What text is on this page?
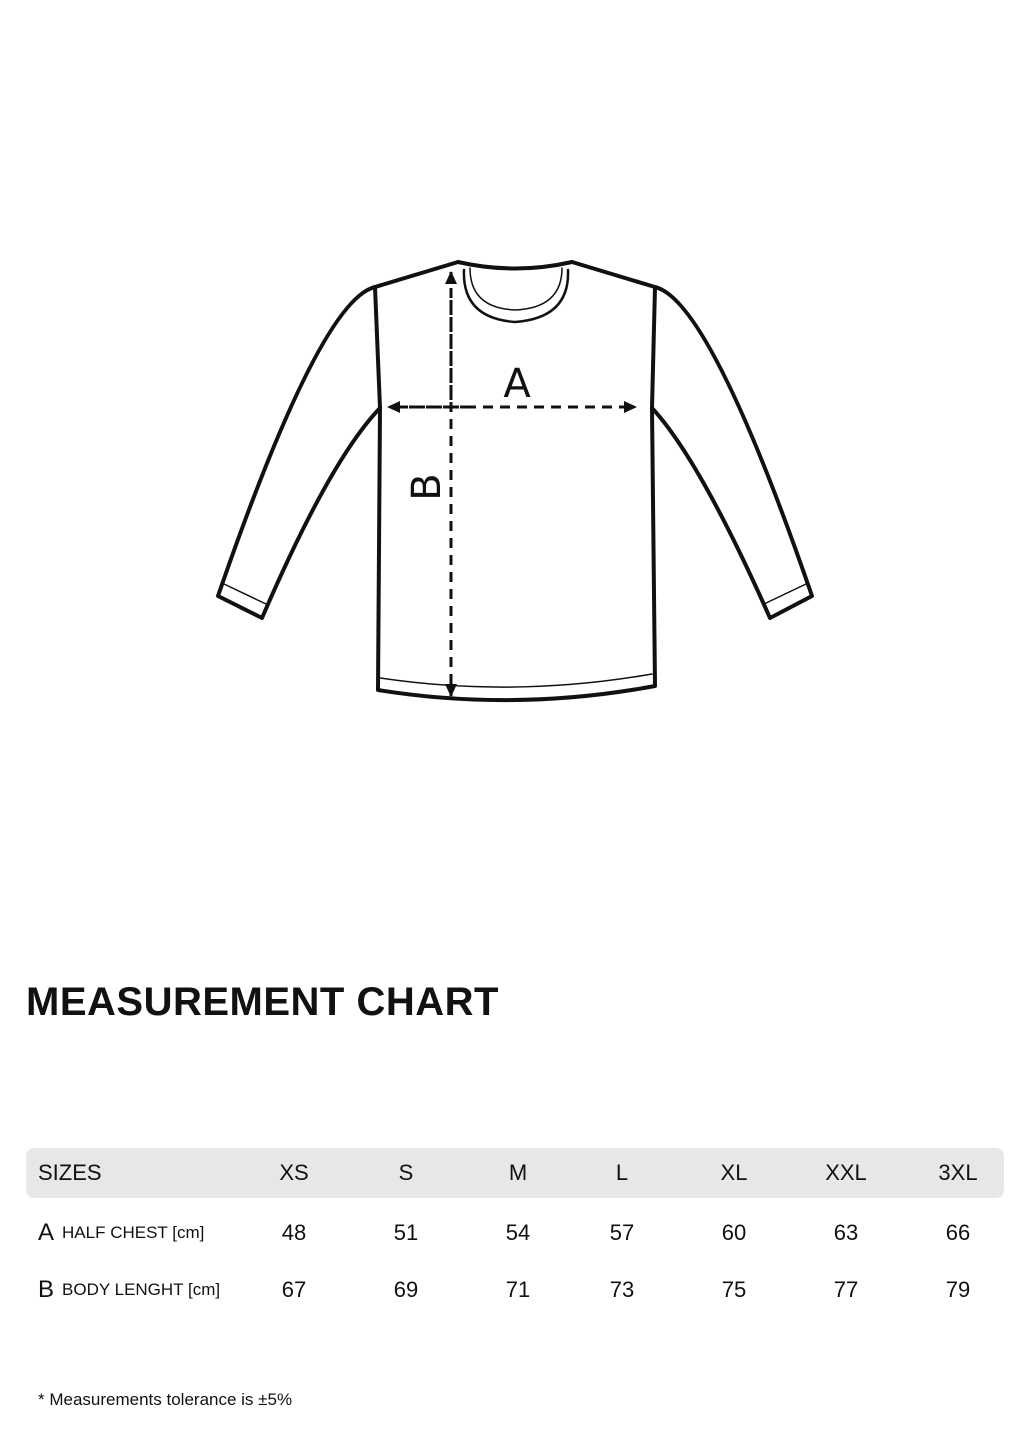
A
B
MEASUREMENT CHART
SIZES	XS	S	M	L	XL	XXL	3XL
A HALF CHEST [cm]	48	51	54	57	60	63	66
B BODY LENGHT [cm]	67	69	71	73	75	77	79

* Measurements tolerance is ±5%
